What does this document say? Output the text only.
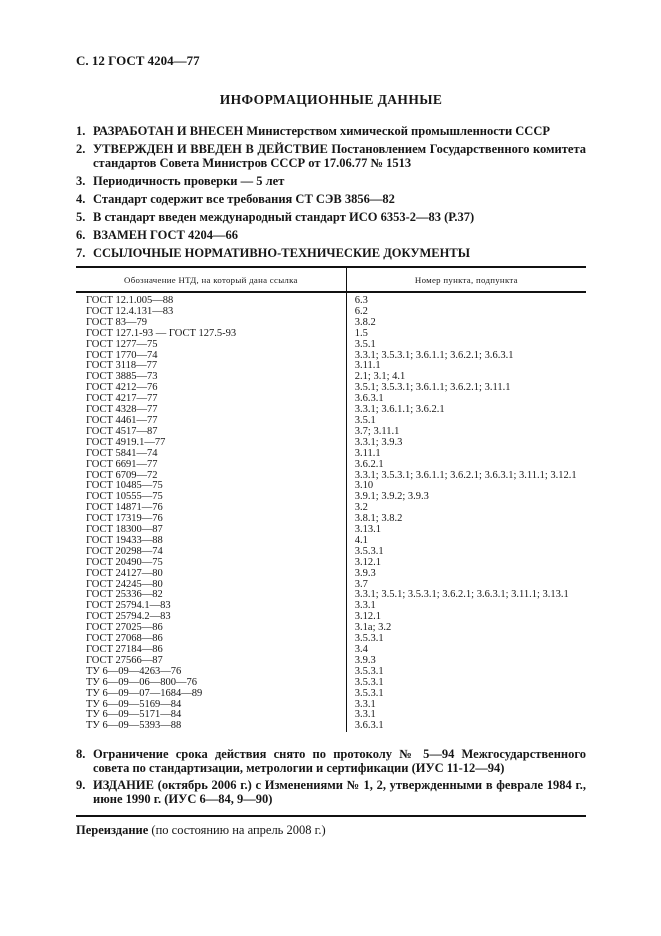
С. 12 ГОСТ 4204—77
ИНФОРМАЦИОННЫЕ ДАННЫЕ
1. РАЗРАБОТАН И ВНЕСЕН Министерством химической промышленности СССР
2. УТВЕРЖДЕН И ВВЕДЕН В ДЕЙСТВИЕ Постановлением Государственного комитета стандартов Совета Министров СССР от 17.06.77 № 1513
3. Периодичность проверки — 5 лет
4. Стандарт содержит все требования СТ СЭВ 3856—82
5. В стандарт введен международный стандарт ИСО 6353-2—83 (Р.37)
6. ВЗАМЕН ГОСТ 4204—66
7. ССЫЛОЧНЫЕ НОРМАТИВНО-ТЕХНИЧЕСКИЕ ДОКУМЕНТЫ
Обозначение НТД, на который дана ссылка	Номер пункта, подпункта
ГОСТ 12.1.005—88	6.3
ГОСТ 12.4.131—83	6.2
ГОСТ 83—79	3.8.2
ГОСТ 127.1-93 — ГОСТ 127.5-93	1.5
ГОСТ 1277—75	3.5.1
ГОСТ 1770—74	3.3.1; 3.5.3.1; 3.6.1.1; 3.6.2.1; 3.6.3.1
ГОСТ 3118—77	3.11.1
ГОСТ 3885—73	2.1; 3.1; 4.1
ГОСТ 4212—76	3.5.1; 3.5.3.1; 3.6.1.1; 3.6.2.1; 3.11.1
ГОСТ 4217—77	3.6.3.1
ГОСТ 4328—77	3.3.1; 3.6.1.1; 3.6.2.1
ГОСТ 4461—77	3.5.1
ГОСТ 4517—87	3.7; 3.11.1
ГОСТ 4919.1—77	3.3.1; 3.9.3
ГОСТ 5841—74	3.11.1
ГОСТ 6691—77	3.6.2.1
ГОСТ 6709—72	3.3.1; 3.5.3.1; 3.6.1.1; 3.6.2.1; 3.6.3.1; 3.11.1; 3.12.1
ГОСТ 10485—75	3.10
ГОСТ 10555—75	3.9.1; 3.9.2; 3.9.3
ГОСТ 14871—76	3.2
ГОСТ 17319—76	3.8.1; 3.8.2
ГОСТ 18300—87	3.13.1
ГОСТ 19433—88	4.1
ГОСТ 20298—74	3.5.3.1
ГОСТ 20490—75	3.12.1
ГОСТ 24127—80	3.9.3
ГОСТ 24245—80	3.7
ГОСТ 25336—82	3.3.1; 3.5.1; 3.5.3.1; 3.6.2.1; 3.6.3.1; 3.11.1; 3.13.1
ГОСТ 25794.1—83	3.3.1
ГОСТ 25794.2—83	3.12.1
ГОСТ 27025—86	3.1а; 3.2
ГОСТ 27068—86	3.5.3.1
ГОСТ 27184—86	3.4
ГОСТ 27566—87	3.9.3
ТУ 6—09—4263—76	3.5.3.1
ТУ 6—09—06—800—76	3.5.3.1
ТУ 6—09—07—1684—89	3.5.3.1
ТУ 6—09—5169—84	3.3.1
ТУ 6—09—5171—84	3.3.1
ТУ 6—09—5393—88	3.6.3.1
8. Ограничение срока действия снято по протоколу № 5—94 Межгосударственного совета по стандартизации, метрологии и сертификации (ИУС 11-12—94)
9. ИЗДАНИЕ (октябрь 2006 г.) с Изменениями № 1, 2, утвержденными в феврале 1984 г., июне 1990 г. (ИУС 6—84, 9—90)

Переиздание (по состоянию на апрель 2008 г.)
